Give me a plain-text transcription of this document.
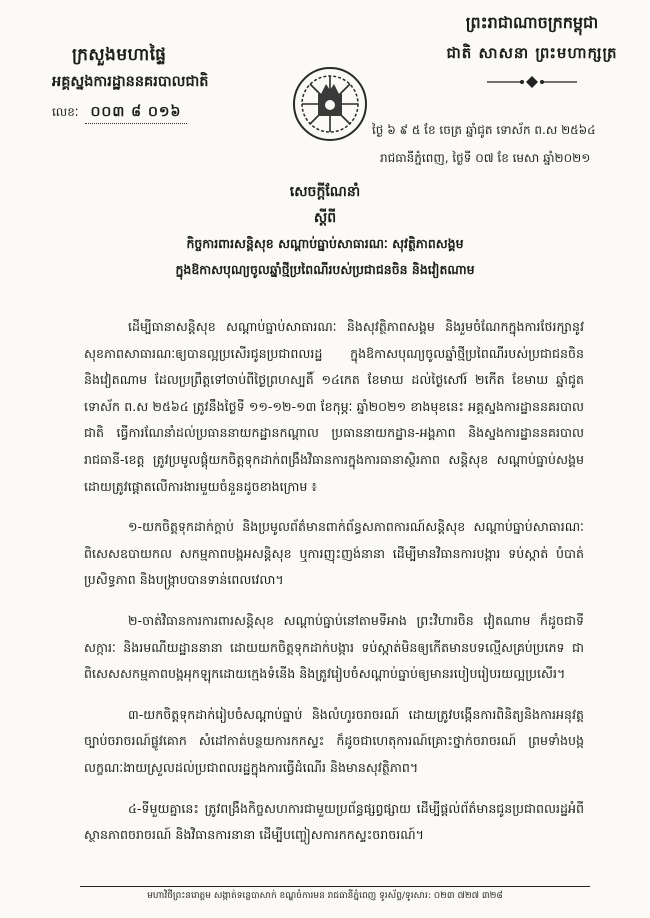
ក្រសួងមហាផ្ទៃ
អគ្គស្នងការដ្ឋាននគរបាលជាតិ
លេខៈ ០០៣ ៨ ០១៦
ព្រះរាជាណាចក្រកម្ពុជា
ជាតិ សាសនា ព្រះមហាក្សត្រ
ថ្ងៃ ៦ ៩ ៥ ខែ ចេត្រ ឆ្នាំជូត ទោស័ក ព.ស ២៥៦៤
រាជធានីភ្នំពេញ, ថ្ងៃទី ០៧ ខែ មេសា ឆ្នាំ២០២១
សេចក្តីណែនាំ
ស្តីពី
កិច្ចការពារសន្តិសុខ សណ្តាប់ធ្នាប់សាធារណៈ សុវត្ថិភាពសង្គម
ក្នុងឱកាសបុណ្យចូលឆ្នាំថ្មីប្រពៃណីរបស់ប្រជាជនចិន និងវៀតណាម

ដើម្បីធានាសន្តិសុខ សណ្តាប់ធ្នាប់សាធារណៈ និងសុវត្ថិភាពសង្គម និងរួមចំណែកក្នុងការថែរក្សានូវសុខភាពសាធារណៈឲ្យបានល្អប្រសើរជូនប្រជាពលរដ្ឋ ក្នុងឱកាសបុណ្យចូលឆ្នាំថ្មីប្រពៃណីរបស់ប្រជាជនចិន និងវៀតណាម ដែលប្រព្រឹត្តទៅចាប់ពីថ្ងៃព្រហស្បតិ៍ ១៤កេត ខែមាឃ ដល់ថ្ងៃសៅរ៍ ២កើត ខែមាឃ ឆ្នាំជូត ទោស័ក ព.ស ២៥៦៤ ត្រូវនឹងថ្ងៃទី ១១-១២-១៣ ខែកុម្ភៈ ឆ្នាំ២០២១ ខាងមុខនេះ អគ្គស្នងការដ្ឋាននគរបាលជាតិ ធ្វើការណែនាំដល់ប្រធាននាយកដ្ឋានកណ្តាល ប្រធាននាយកដ្ឋាន-អង្គភាព និងស្នងការដ្ឋាននគរបាលរាជធានី-ខេត្ត ត្រូវប្រមូលផ្តុំយកចិត្តទុកដាក់ពង្រឹងវិធានការក្នុងការធានាស្ថិរភាព សន្តិសុខ សណ្តាប់ធ្នាប់សង្គម ដោយត្រូវផ្តោតលើការងារមួយចំនួនដូចខាងក្រោម ៖

១-យកចិត្តទុកដាក់ក្តាប់ និងប្រមូលព័ត៌មានពាក់ព័ន្ធសភាពការណ៍សន្តិសុខ សណ្តាប់ធ្នាប់សាធារណៈ ពិសេសឧបាយកល សកម្មភាពបង្កអសន្តិសុខ ឬការញុះញង់នានា ដើម្បីមានវិធានការបង្ការ ទប់ស្កាត់ បំបាត់ប្រសិទ្ធភាព និងបង្ក្រាបបានទាន់ពេលវេលា។

២-ចាត់វិធានការការពារសន្តិសុខ សណ្តាប់ធ្នាប់នៅតាមទីអាង ព្រះវិហារចិន វៀតណាម ក៏ដូចជាទីសក្ការៈ និងរមណីយដ្ឋាននានា ដោយយកចិត្តទុកដាក់បង្ការ ទប់ស្កាត់មិនឲ្យកើតមានបទល្មើសគ្រប់ប្រភេទ ជាពិសេសសកម្មភាពបង្កអុកឡុកដោយក្មេងទំនើង និងត្រូវរៀបចំសណ្តាប់ធ្នាប់ឲ្យមានរបៀបរៀបរយល្អប្រសើរ។

៣-យកចិត្តទុកដាក់រៀបចំសណ្តាប់ធ្នាប់ និងលំហូរចរាចរណ៍ ដោយត្រូវបង្កើនការពិនិត្យនិងការអនុវត្តច្បាប់ចរាចរណ៍ផ្លូវគោក សំដៅកាត់បន្ថយការកកស្ទះ ក៏ដូចជាហេតុការណ៍គ្រោះថ្នាក់ចរាចរណ៍ ព្រមទាំងបង្កលក្ខណៈងាយស្រួលដល់ប្រជាពលរដ្ឋក្នុងការធ្វើដំណើរ និងមានសុវត្ថិភាព។

៤-ទីមួយគ្នានេះ ត្រូវពង្រឹងកិច្ចសហការជាមួយប្រព័ន្ធផ្សព្វផ្សាយ ដើម្បីផ្តល់ព័ត៌មានជូនប្រជាពលរដ្ឋអំពីស្ថានភាពចរាចរណ៍ និងវិធានការនានា ដើម្បីបញ្ចៀសការកកស្ទះចរាចរណ៍។

មហាវិថីព្រះនរោត្តម សង្កាត់ទន្លេបាសាក់ ខណ្ឌចំការមន រាជធានីភ្នំពេញ ទូរស័ព្ទ/ទូរសារ: ០២៣ ៧២៧ ៣២៨
